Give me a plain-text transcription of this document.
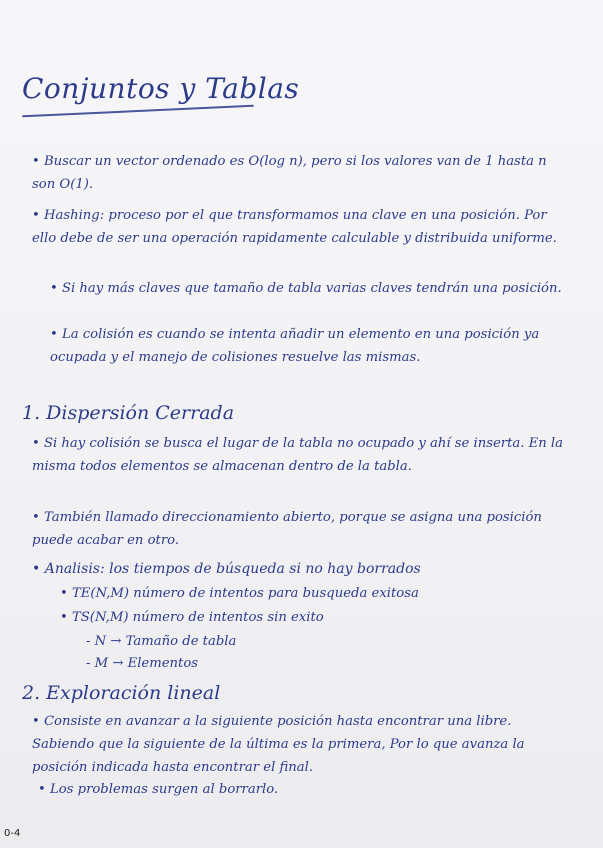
Conjuntos y Tablas

• Buscar un vector ordenado es O(log n), pero si los valores van de 1 hasta n son O(1).

• Hashing: proceso por el que transformamos una clave en una posición. Por ello debe de ser una operación rapidamente calculable y distribuida uniforme.

• Si hay más claves que tamaño de tabla varias claves tendrán una posición.

• La colisión es cuando se intenta añadir un elemento en una posición ya ocupada y el manejo de colisiones resuelve las mismas.

1. Dispersión Cerrada

• Si hay colisión se busca el lugar de la tabla no ocupado y ahí se inserta. En la misma todos elementos se almacenan dentro de la tabla.

• También llamado direccionamiento abierto, porque se asigna una posición puede acabar en otro.

• Analisis: los tiempos de búsqueda si no hay borrados

• TE(N,M) número de intentos para busqueda exitosa

• TS(N,M) número de intentos sin exito

- N → Tamaño de tabla

- M → Elementos

2. Exploración lineal

• Consiste en avanzar a la siguiente posición hasta encontrar una libre. Sabiendo que la siguiente de la última es la primera, Por lo que avanza la posición indicada hasta encontrar el final.

• Los problemas surgen al borrarlo.

0-4
